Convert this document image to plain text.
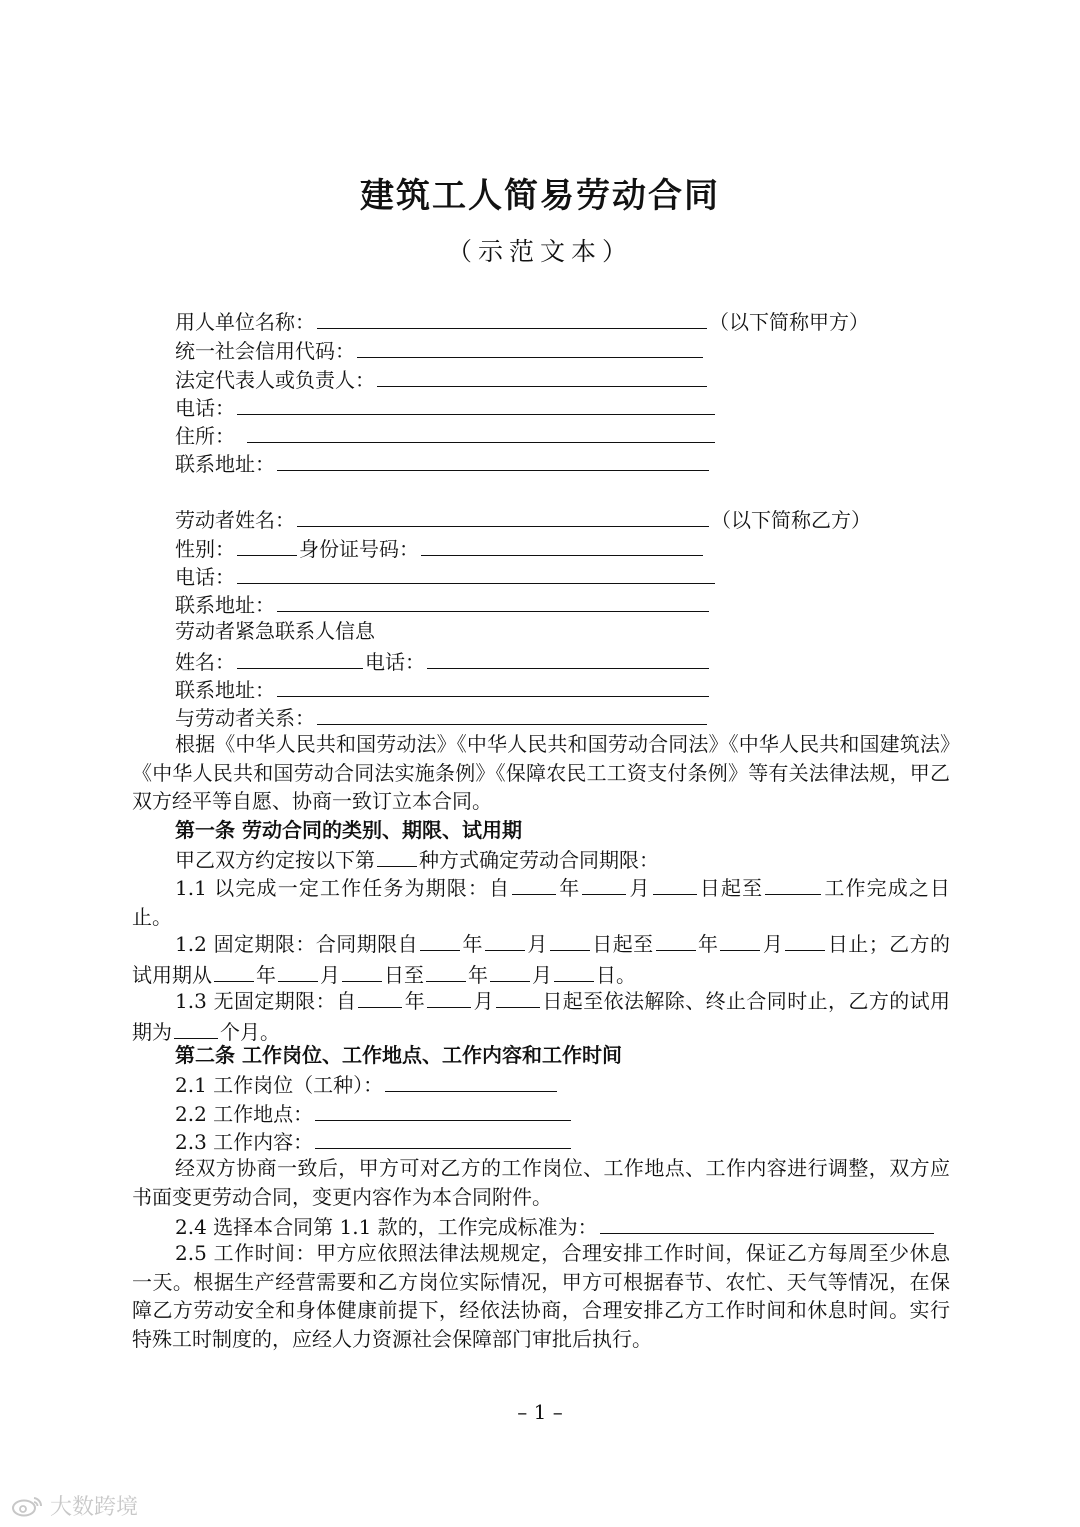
建筑工人简易劳动合同
（示范文本）
用人单位名称：	（以下简称甲方）
统一社会信用代码：
法定代表人或负责人：
电话：
住所：
联系地址：
劳动者姓名：	（以下简称乙方）
性别：	身份证号码：
电话：
联系地址：
劳动者紧急联系人信息
姓名：	电话：
联系地址：
与劳动者关系：

根据《中华人民共和国劳动法》《中华人民共和国劳动合同法》《中华人民共和国建筑法》《中华人民共和国劳动合同法实施条例》《保障农民工工资支付条例》等有关法律法规，甲乙双方经平等自愿、协商一致订立本合同。

第一条 劳动合同的类别、期限、试用期
甲乙双方约定按以下第 种方式确定劳动合同期限：

1.1 以完成一定工作任务为期限：自 年 月 日起至	工作完成之日止。

1.2 固定期限：合同期限自 年 月 日起至 年 月 日止；乙方的试用期从 年 月 日至 年 月 日。

1.3 无固定期限：自 年 月 日起至依法解除、终止合同时止，乙方的试用期为 个月。

第二条 工作岗位、工作地点、工作内容和工作时间
2.1 工作岗位（工种）：
2.2 工作地点：
2.3 工作内容：

经双方协商一致后，甲方可对乙方的工作岗位、工作地点、工作内容进行调整，双方应书面变更劳动合同，变更内容作为本合同附件。

2.4 选择本合同第 1.1 款的，工作完成标准为：

2.5 工作时间：甲方应依照法律法规规定，合理安排工作时间，保证乙方每周至少休息一天。根据生产经营需要和乙方岗位实际情况，甲方可根据春节、农忙、天气等情况，在保障乙方劳动安全和身体健康前提下，经依法协商，合理安排乙方工作时间和休息时间。实行特殊工时制度的，应经人力资源社会保障部门审批后执行。

– 1 –
大数跨境
